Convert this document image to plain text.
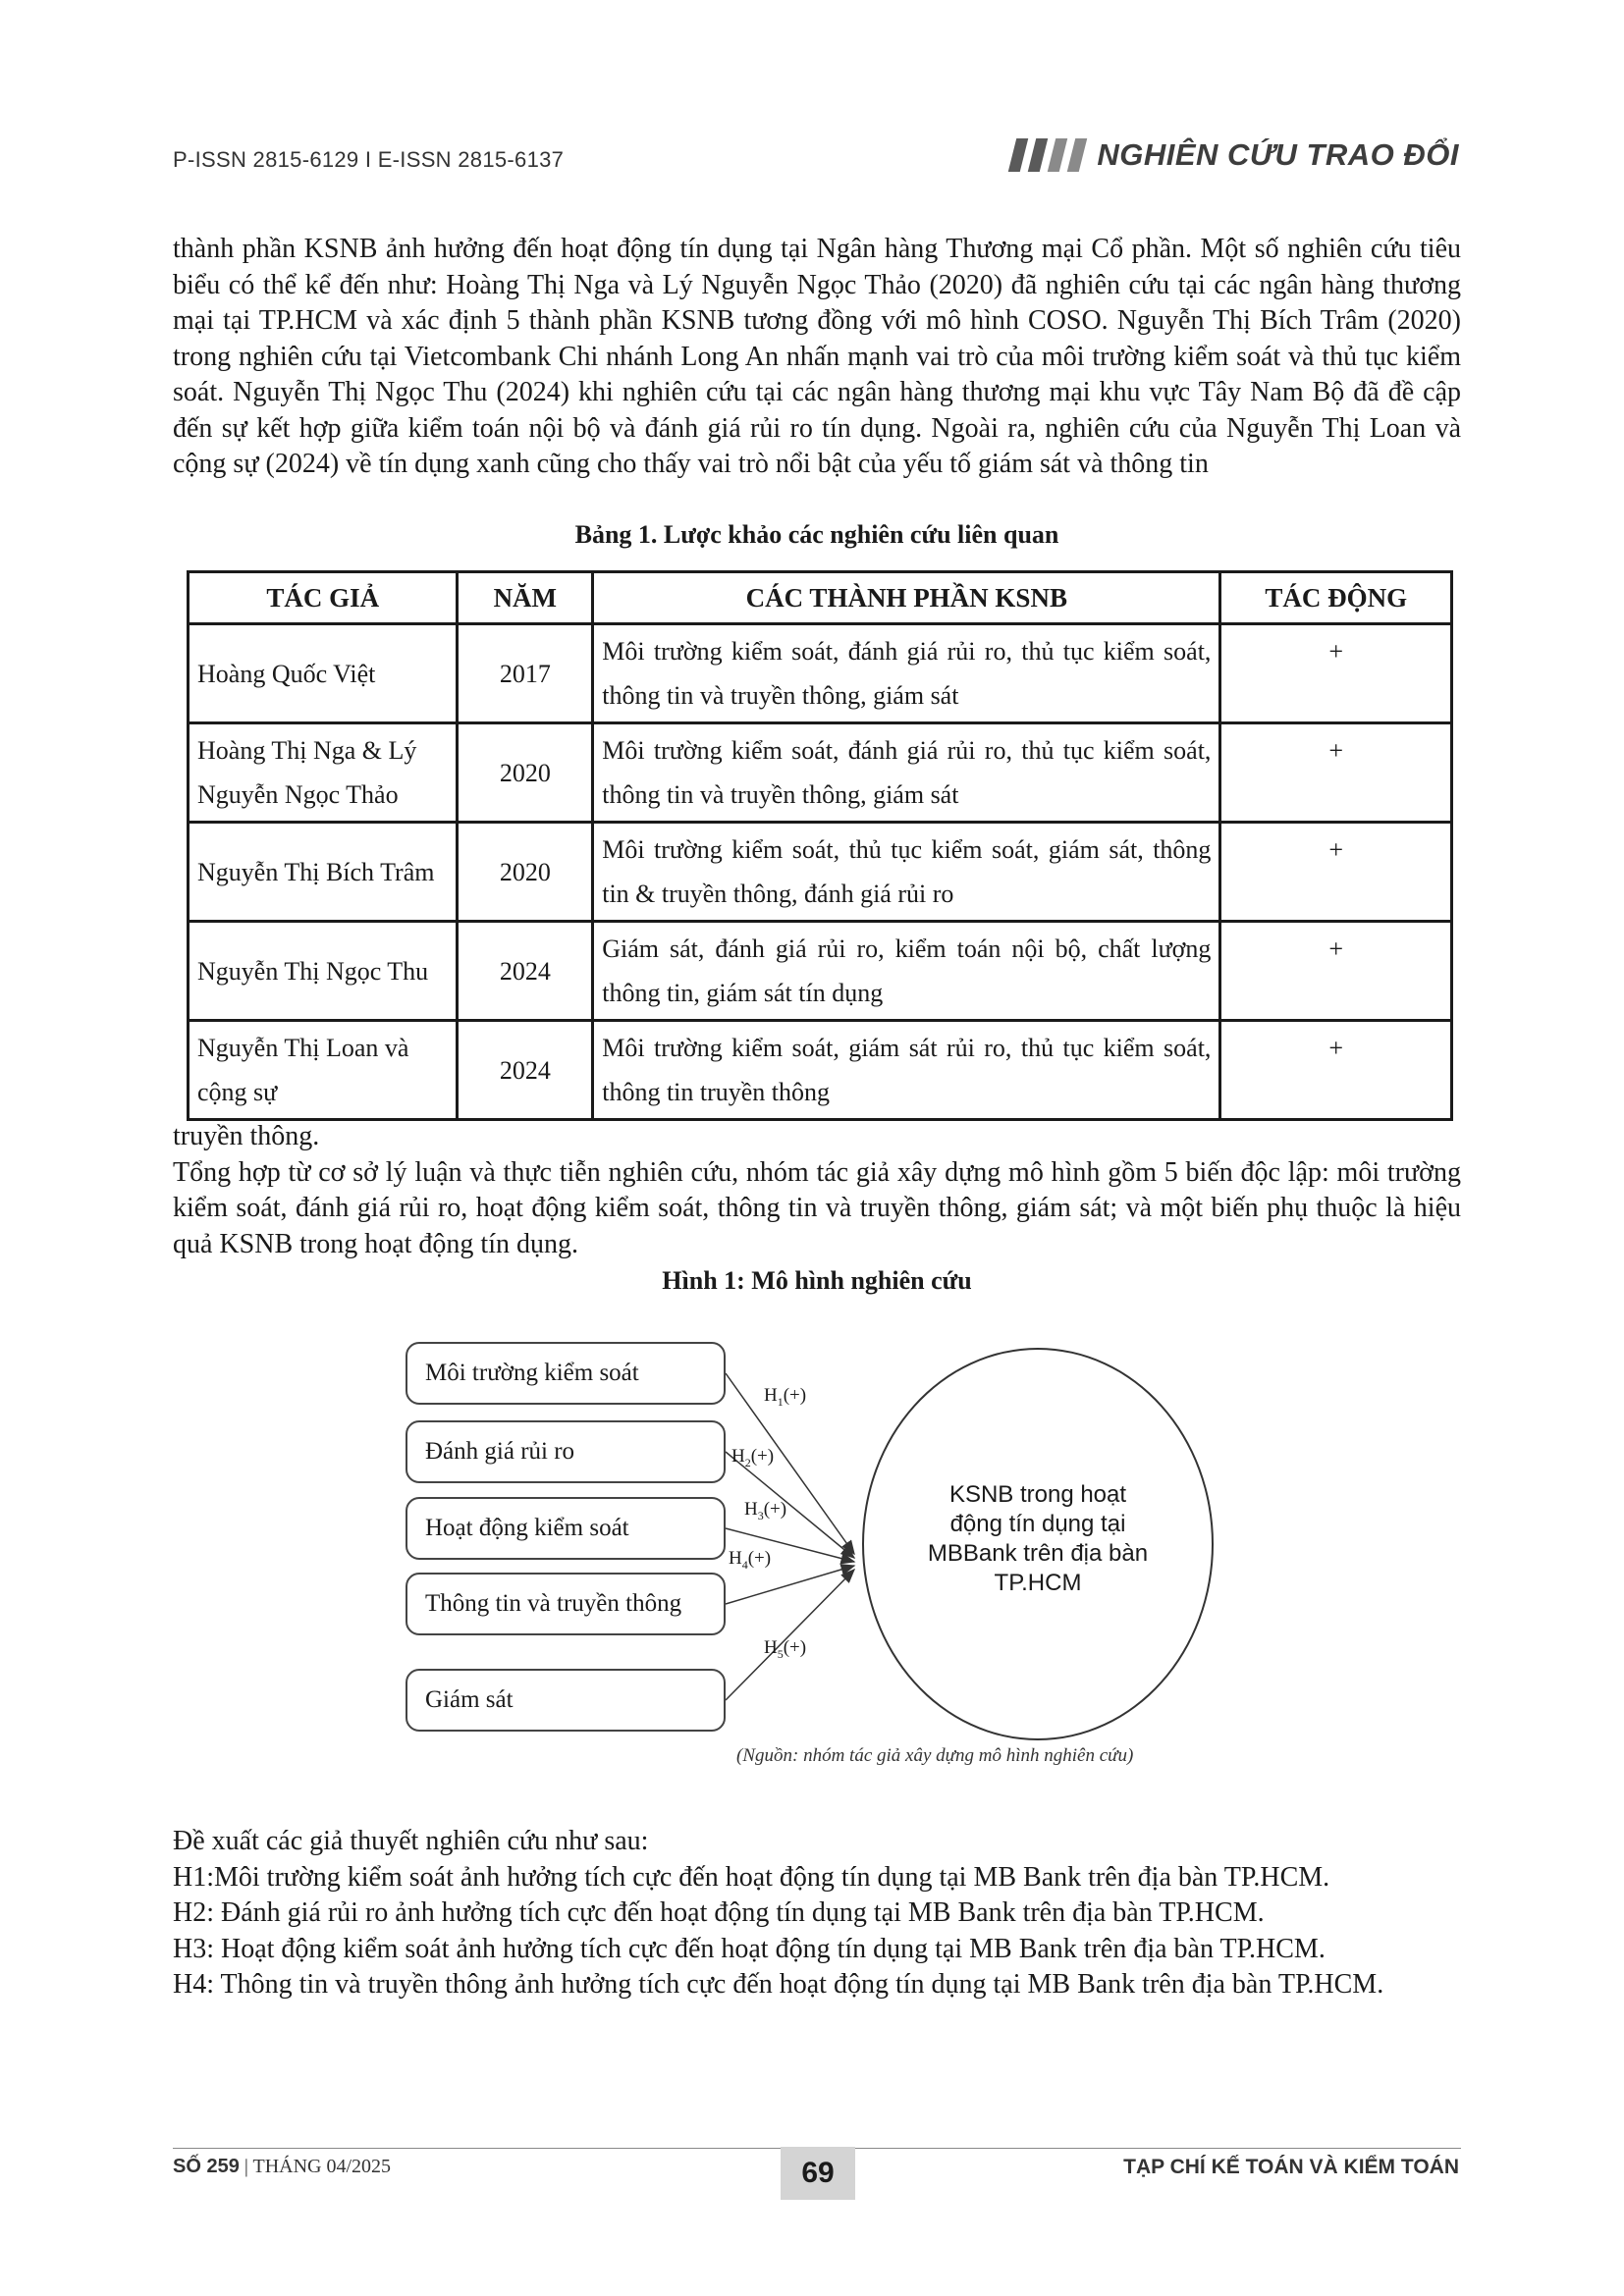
P-ISSN 2815-6129 I E-ISSN 2815-6137	NGHIÊN CỨU TRAO ĐỔI

thành phần KSNB ảnh hưởng đến hoạt động tín dụng tại Ngân hàng Thương mại Cổ phần. Một số nghiên cứu tiêu biểu có thể kể đến như: Hoàng Thị Nga và Lý Nguyễn Ngọc Thảo (2020) đã nghiên cứu tại các ngân hàng thương mại tại TP.HCM và xác định 5 thành phần KSNB tương đồng với mô hình COSO. Nguyễn Thị Bích Trâm (2020) trong nghiên cứu tại Vietcombank Chi nhánh Long An nhấn mạnh vai trò của môi trường kiểm soát và thủ tục kiểm soát. Nguyễn Thị Ngọc Thu (2024) khi nghiên cứu tại các ngân hàng thương mại khu vực Tây Nam Bộ đã đề cập đến sự kết hợp giữa kiểm toán nội bộ và đánh giá rủi ro tín dụng. Ngoài ra, nghiên cứu của Nguyễn Thị Loan và cộng sự (2024) về tín dụng xanh cũng cho thấy vai trò nổi bật của yếu tố giám sát và thông tin

Bảng 1. Lược khảo các nghiên cứu liên quan
TÁC GIẢ	NĂM	CÁC THÀNH PHẦN KSNB	TÁC ĐỘNG
Hoàng Quốc Việt	2017	Môi trường kiểm soát, đánh giá rủi ro, thủ tục kiểm soát, thông tin và truyền thông, giám sát	+
Hoàng Thị Nga & Lý Nguyễn Ngọc Thảo	2020	Môi trường kiểm soát, đánh giá rủi ro, thủ tục kiểm soát, thông tin và truyền thông, giám sát	+
Nguyễn Thị Bích Trâm	2020	Môi trường kiểm soát, thủ tục kiểm soát, giám sát, thông tin & truyền thông, đánh giá rủi ro	+
Nguyễn Thị Ngọc Thu	2024	Giám sát, đánh giá rủi ro, kiểm toán nội bộ, chất lượng thông tin, giám sát tín dụng	+
Nguyễn Thị Loan và cộng sự	2024	Môi trường kiểm soát, giám sát rủi ro, thủ tục kiểm soát, thông tin truyền thông	+

truyền thông.

Tổng hợp từ cơ sở lý luận và thực tiễn nghiên cứu, nhóm tác giả xây dựng mô hình gồm 5 biến độc lập: môi trường kiểm soát, đánh giá rủi ro, hoạt động kiểm soát, thông tin và truyền thông, giám sát; và một biến phụ thuộc là hiệu quả KSNB trong hoạt động tín dụng.

Hình 1: Mô hình nghiên cứu
Môi trường kiểm soát
Đánh giá rủi ro
Hoạt động kiểm soát
Thông tin và truyền thông
Giám sát
$H_1(+)$
$H_2(+)$
$H_3(+)$
$H_4(+)$
$H_5(+)$
KSNB trong hoạt động tín dụng tại MBBank trên địa bàn TP.HCM
(Nguồn: nhóm tác giả xây dựng mô hình nghiên cứu)

Đề xuất các giả thuyết nghiên cứu như sau:

H1:Môi trường kiểm soát ảnh hưởng tích cực đến hoạt động tín dụng tại MB Bank trên địa bàn TP.HCM.

H2: Đánh giá rủi ro ảnh hưởng tích cực đến hoạt động tín dụng tại MB Bank trên địa bàn TP.HCM.

H3: Hoạt động kiểm soát ảnh hưởng tích cực đến hoạt động tín dụng tại MB Bank trên địa bàn TP.HCM.

H4: Thông tin và truyền thông ảnh hưởng tích cực đến hoạt động tín dụng tại MB Bank trên địa bàn TP.HCM.

SỐ 259 | THÁNG 04/2025	69	TẠP CHÍ KẾ TOÁN VÀ KIỂM TOÁN
